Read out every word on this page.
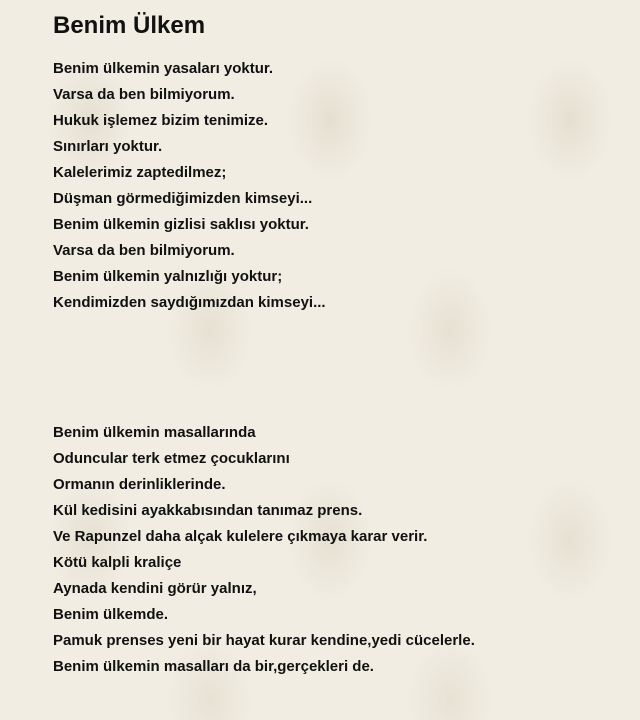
Benim Ülkem
Benim ülkemin yasaları yoktur.
Varsa da ben bilmiyorum.
Hukuk işlemez bizim tenimize.
Sınırları yoktur.
Kalelerimiz zaptedilmez;
Düşman görmediğimizden kimseyi...
Benim ülkemin gizlisi saklısı yoktur.
Varsa da ben bilmiyorum.
Benim ülkemin yalnızlığı yoktur;
Kendimizden saydığımızdan kimseyi...
Benim ülkemin masallarında
Oduncular terk etmez çocuklarını
Ormanın derinliklerinde.
Kül kedisini ayakkabısından tanımaz prens.
Ve Rapunzel daha alçak kulelere çıkmaya karar verir.
Kötü kalpli kraliçe
Aynada kendini görür yalnız,
Benim ülkemde.
Pamuk prenses yeni bir hayat kurar kendine,yedi cücelerle.
Benim ülkemin masalları da bir,gerçekleri de.
